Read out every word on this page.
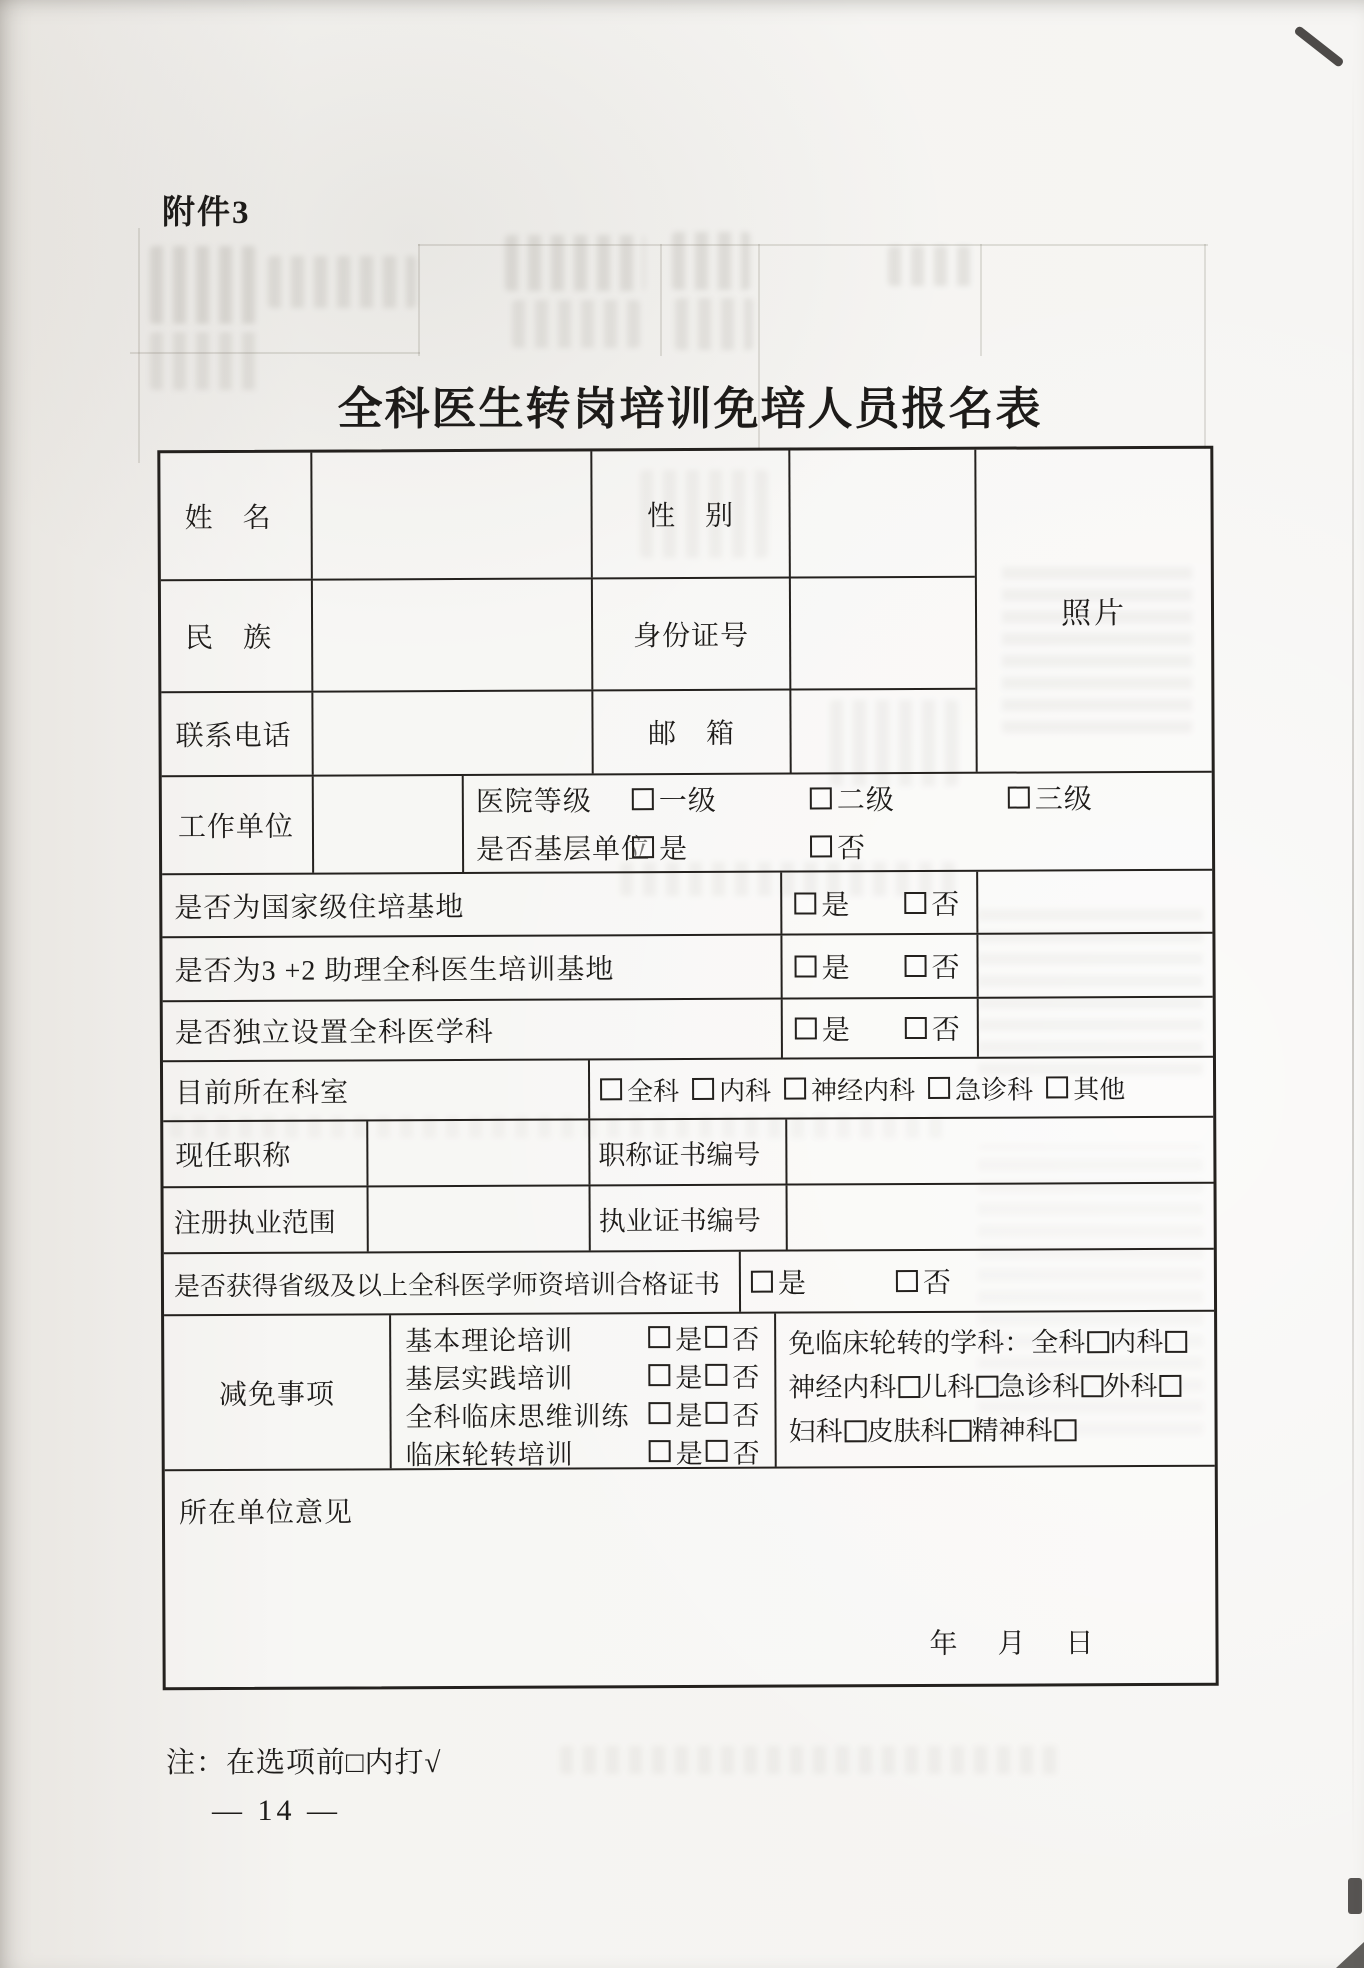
附件3
全科医生转岗培训免培人员报名表
姓　名	性　别
民　族	身份证号
联系电话	邮　箱
照片
工作单位
医院等级 一级	二级	三级
是否基层单位 是	否
是否为国家级住培基地	是	否
是否为3 +2 助理全科医生培训基地	是	否
是否独立设置全科医学科	是	否
目前所在科室	全科 内科 神经内科 急诊科 其他
现任职称	职称证书编号
注册执业范围	执业证书编号
是否获得省级及以上全科医学师资培训合格证书	是	否
减免事项
基本理论培训	是 否
基层实践培训	是 否
全科临床思维训练 是 否
临床轮转培训	是 否
免临床轮转的学科： 全科 内科
神经内科 儿科 急诊科 外科
妇科 皮肤科 精神科
所在单位意见
年　月　日
注：在选项前□内打√
— 14 —
